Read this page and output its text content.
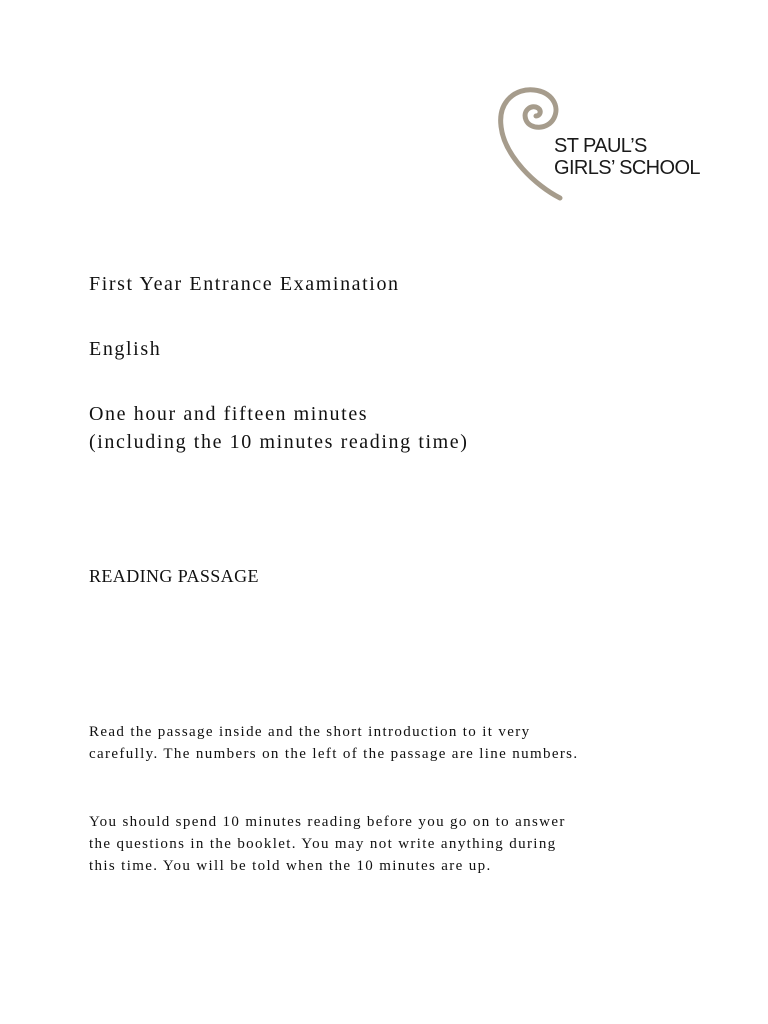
ST PAUL’S
GIRLS’ SCHOOL
First Year Entrance Examination
English
One hour and fifteen minutes
(including the 10 minutes reading time)
READING PASSAGE
Read the passage inside and the short introduction to it very
carefully. The numbers on the left of the passage are line numbers.
You should spend 10 minutes reading before you go on to answer
the questions in the booklet. You may not write anything during
this time. You will be told when the 10 minutes are up.
